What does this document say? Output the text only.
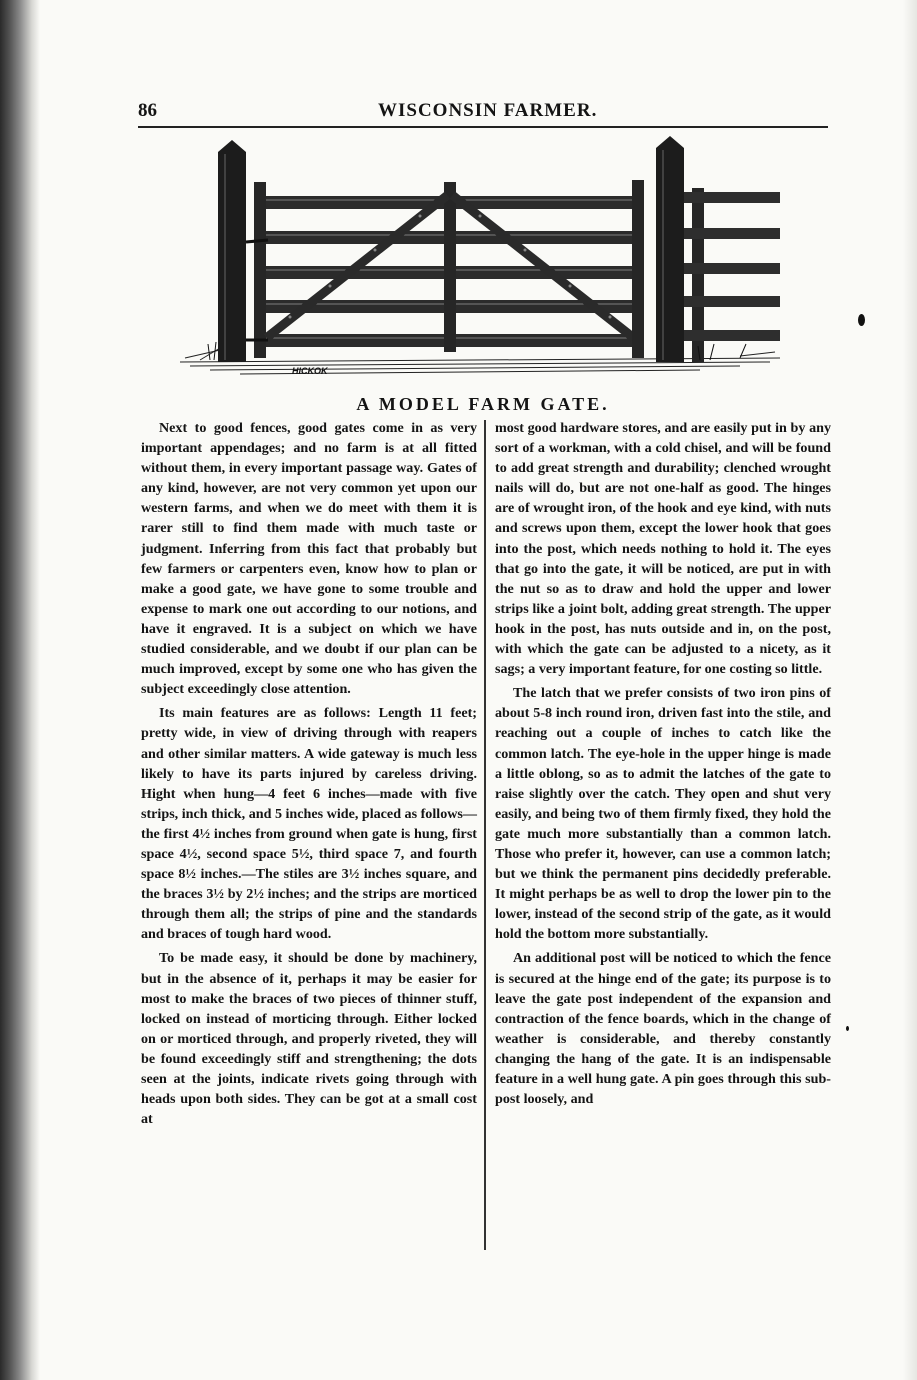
86	WISCONSIN FARMER.
HICKOK
A MODEL FARM GATE.

Next to good fences, good gates come in as very important appendages; and no farm is at all fitted without them, in every important passage way. Gates of any kind, however, are not very common yet upon our western farms, and when we do meet with them it is rarer still to find them made with much taste or judgment. Inferring from this fact that probably but few farmers or carpenters even, know how to plan or make a good gate, we have gone to some trouble and expense to mark one out according to our notions, and have it engraved. It is a subject on which we have studied considerable, and we doubt if our plan can be much improved, except by some one who has given the subject exceedingly close attention.

Its main features are as follows: Length 11 feet; pretty wide, in view of driving through with reapers and other similar matters. A wide gateway is much less likely to have its parts injured by careless driving. Hight when hung—4 feet 6 inches—made with five strips, inch thick, and 5 inches wide, placed as follows—the first 4½ inches from ground when gate is hung, first space 4½, second space 5½, third space 7, and fourth space 8½ inches.—The stiles are 3½ inches square, and the braces 3½ by 2½ inches; and the strips are morticed through them all; the strips of pine and the standards and braces of tough hard wood.

To be made easy, it should be done by machinery, but in the absence of it, perhaps it may be easier for most to make the braces of two pieces of thinner stuff, locked on instead of morticing through. Either locked on or morticed through, and properly riveted, they will be found exceedingly stiff and strengthening; the dots seen at the joints, indicate rivets going through with heads upon both sides. They can be got at a small cost at

most good hardware stores, and are easily put in by any sort of a workman, with a cold chisel, and will be found to add great strength and durability; clenched wrought nails will do, but are not one-half as good. The hinges are of wrought iron, of the hook and eye kind, with nuts and screws upon them, except the lower hook that goes into the post, which needs nothing to hold it. The eyes that go into the gate, it will be noticed, are put in with the nut so as to draw and hold the upper and lower strips like a joint bolt, adding great strength. The upper hook in the post, has nuts outside and in, on the post, with which the gate can be adjusted to a nicety, as it sags; a very important feature, for one costing so little.

The latch that we prefer consists of two iron pins of about 5-8 inch round iron, driven fast into the stile, and reaching out a couple of inches to catch like the common latch. The eye-hole in the upper hinge is made a little oblong, so as to admit the latches of the gate to raise slightly over the catch. They open and shut very easily, and being two of them firmly fixed, they hold the gate much more substantially than a common latch. Those who prefer it, however, can use a common latch; but we think the permanent pins decidedly preferable. It might perhaps be as well to drop the lower pin to the lower, instead of the second strip of the gate, as it would hold the bottom more substantially.

An additional post will be noticed to which the fence is secured at the hinge end of the gate; its purpose is to leave the gate post independent of the expansion and contraction of the fence boards, which in the change of weather is considerable, and thereby constantly changing the hang of the gate. It is an indispensable feature in a well hung gate. A pin goes through this sub-post loosely, and
